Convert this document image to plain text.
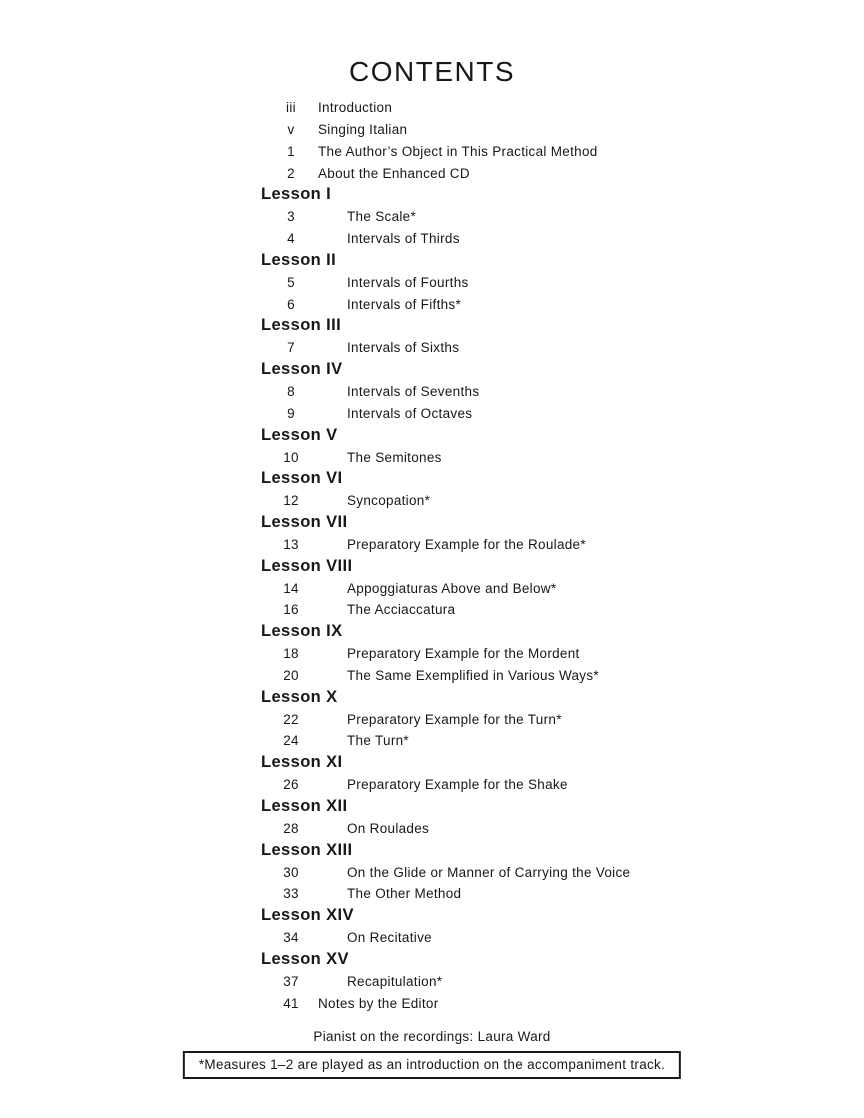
CONTENTS
iii	Introduction
v	Singing Italian
1	The Author’s Object in This Practical Method
2	About the Enhanced CD
Lesson I
3	The Scale*
4	Intervals of Thirds
Lesson II
5	Intervals of Fourths
6	Intervals of Fifths*
Lesson III
7	Intervals of Sixths
Lesson IV
8	Intervals of Sevenths
9	Intervals of Octaves
Lesson V
10	The Semitones
Lesson VI
12	Syncopation*
Lesson VII
13	Preparatory Example for the Roulade*
Lesson VIII
14	Appoggiaturas Above and Below*
16	The Acciaccatura
Lesson IX
18	Preparatory Example for the Mordent
20	The Same Exemplified in Various Ways*
Lesson X
22	Preparatory Example for the Turn*
24	The Turn*
Lesson XI
26	Preparatory Example for the Shake
Lesson XII
28	On Roulades
Lesson XIII
30	On the Glide or Manner of Carrying the Voice
33	The Other Method
Lesson XIV
34	On Recitative
Lesson XV
37	Recapitulation*
41	Notes by the Editor
Pianist on the recordings: Laura Ward
*Measures 1–2 are played as an introduction on the accompaniment track.
